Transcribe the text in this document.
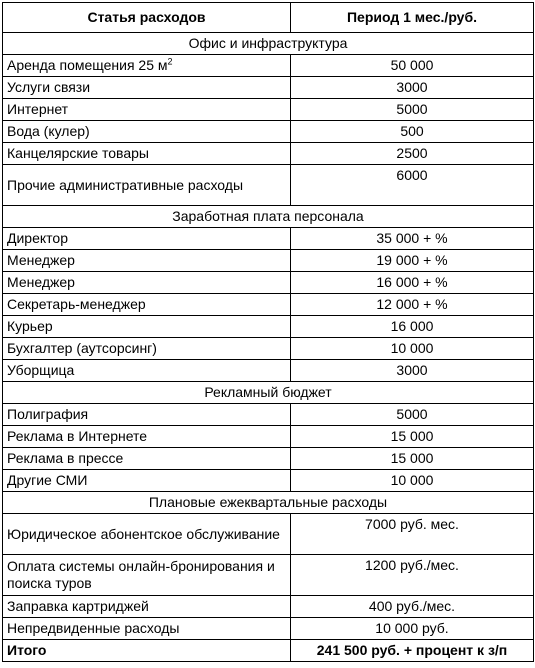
Статья расходов	Период 1 мес./руб.
Офис и инфраструктура	
Аренда помещения 25 $м^2$	50 000
Услуги связи	3000
Интернет	5000
Вода (кулер)	500
Канцелярские товары	2500
Прочие административные расходы	6000
Заработная плата персонала	
Директор	35 000 + %
Менеджер	19 000 + %
Менеджер	16 000 + %
Секретарь-менеджер	12 000 + %
Курьер	16 000
Бухгалтер (аутсорсинг)	10 000
Уборщица	3000
Рекламный бюджет	
Полиграфия	5000
Реклама в Интернете	15 000
Реклама в прессе	15 000
Другие СМИ	10 000
Плановые ежеквартальные расходы	
Юридическое абонентское обслуживание	7000 руб. мес.
Оплата системы онлайн-бронирования и поиска туров	1200 руб./мес.
Заправка картриджей	400 руб./мес.
Непредвиденные расходы	10 000 руб.
Итого	241 500 руб. + процент к з/п
